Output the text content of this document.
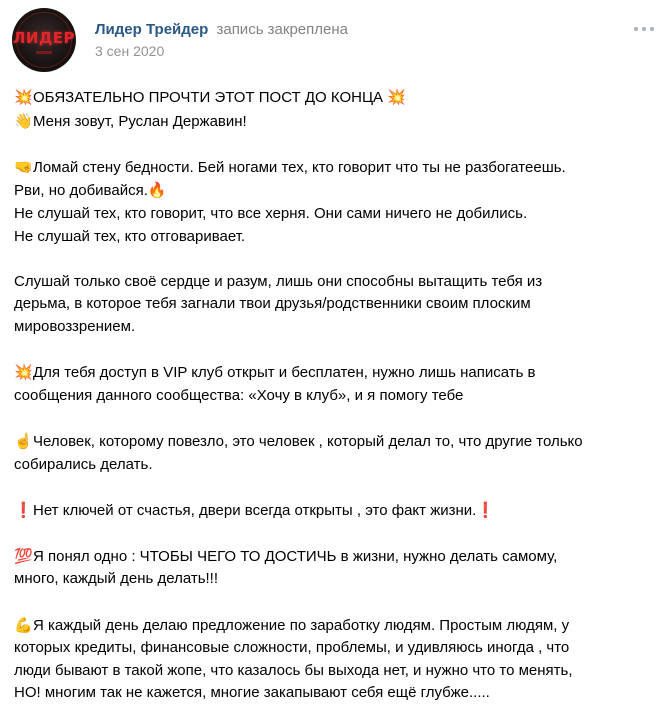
ЛИДЕР Лидер Трейдер запись закреплена
3 сен 2020
💥ОБЯЗАТЕЛЬНО ПРОЧТИ ЭТОТ ПОСТ ДО КОНЦА 💥
👋Меня зовут, Руслан Державин!
🤜Ломай стену бедности. Бей ногами тех, кто говорит что ты не разбогатеешь.
Рви, но добивайся.🔥
Не слушай тех, кто говорит, что все херня. Они сами ничего не добились.
Не слушай тех, кто отговаривает.
Слушай только своё сердце и разум, лишь они способны вытащить тебя из
дерьма, в которое тебя загнали твои друзья/родственники своим плоским
мировоззрением.
💥Для тебя доступ в VIP клуб открыт и бесплатен, нужно лишь написать в
сообщения данного сообщества: «Хочу в клуб», и я помогу тебе
☝️Человек, которому повезло, это человек , который делал то, что другие только
собирались делать.
❗Нет ключей от счастья, двери всегда открыты , это факт жизни.❗
💯Я понял одно : ЧТОБЫ ЧЕГО ТО ДОСТИЧЬ в жизни, нужно делать самому,
много, каждый день делать!!!
💪Я каждый день делаю предложение по заработку людям. Простым людям, у
которых кредиты, финансовые сложности, проблемы, и удивляюсь иногда , что
люди бывают в такой жопе, что казалось бы выхода нет, и нужно что то менять,
НО! многим так не кажется, многие закапывают себя ещё глубже.....
